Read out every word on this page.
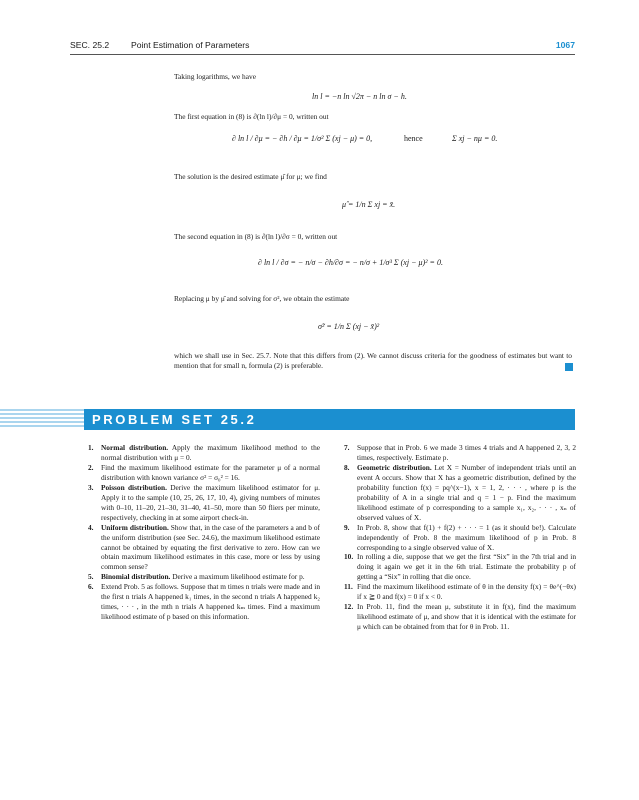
SEC. 25.2	Point Estimation of Parameters	1067
Taking logarithms, we have
ln l = −n ln √2π − n ln σ − h.
The first equation in (8) is ∂(ln l)/∂μ = 0, written out
∂ ln l / ∂μ = − ∂h / ∂μ = 1/σ² Σ (xj − μ) = 0,	hence	Σ xj − nμ = 0.
The solution is the desired estimate μ̂ for μ; we find
μ̂ = 1/n Σ xj = x̄.
The second equation in (8) is ∂(ln l)/∂σ = 0, written out
∂ ln l / ∂σ = − n/σ − ∂h/∂σ = − n/σ + 1/σ³ Σ (xj − μ)² = 0.
Replacing μ by μ̂ and solving for σ², we obtain the estimate
σ̃² = 1/n Σ (xj − x̄)²
which we shall use in Sec. 25.7. Note that this differs from (2). We cannot discuss criteria for the goodness of estimates but want to mention that for small n, formula (2) is preferable.
PROBLEM SET 25.2
1. Normal distribution. Apply the maximum likelihood method to the normal distribution with μ = 0.
2. Find the maximum likelihood estimate for the parameter μ of a normal distribution with known variance σ² = σ₀² = 16.
3. Poisson distribution. Derive the maximum likelihood estimator for μ. Apply it to the sample (10, 25, 26, 17, 10, 4), giving numbers of minutes with 0–10, 11–20, 21–30, 31–40, 41–50, more than 50 fliers per minute, respectively, checking in at some airport check-in.
4. Uniform distribution. Show that, in the case of the parameters a and b of the uniform distribution (see Sec. 24.6), the maximum likelihood estimate cannot be obtained by equating the first derivative to zero. How can we obtain maximum likelihood estimates in this case, more or less by using common sense?
5. Binomial distribution. Derive a maximum likelihood estimate for p.
6. Extend Prob. 5 as follows. Suppose that m times n trials were made and in the first n trials A happened k₁ times, in the second n trials A happened k₂ times, · · · , in the mth n trials A happened kₘ times. Find a maximum likelihood estimate of p based on this information.
7. Suppose that in Prob. 6 we made 3 times 4 trials and A happened 2, 3, 2 times, respectively. Estimate p.
8. Geometric distribution. Let X = Number of independent trials until an event A occurs. Show that X has a geometric distribution, defined by the probability function f(x) = pq^(x−1), x = 1, 2, · · · , where p is the probability of A in a single trial and q = 1 − p. Find the maximum likelihood estimate of p corresponding to a sample x₁, x₂, · · · , xₙ of observed values of X.
9. In Prob. 8, show that f(1) + f(2) + · · · = 1 (as it should be!). Calculate independently of Prob. 8 the maximum likelihood of p in Prob. 8 corresponding to a single observed value of X.
10. In rolling a die, suppose that we get the first “Six” in the 7th trial and in doing it again we get it in the 6th trial. Estimate the probability p of getting a “Six” in rolling that die once.
11. Find the maximum likelihood estimate of θ in the density f(x) = θe^(−θx) if x ≧ 0 and f(x) = 0 if x < 0.
12. In Prob. 11, find the mean μ, substitute it in f(x), find the maximum likelihood estimate of μ, and show that it is identical with the estimate for μ which can be obtained from that for θ in Prob. 11.
